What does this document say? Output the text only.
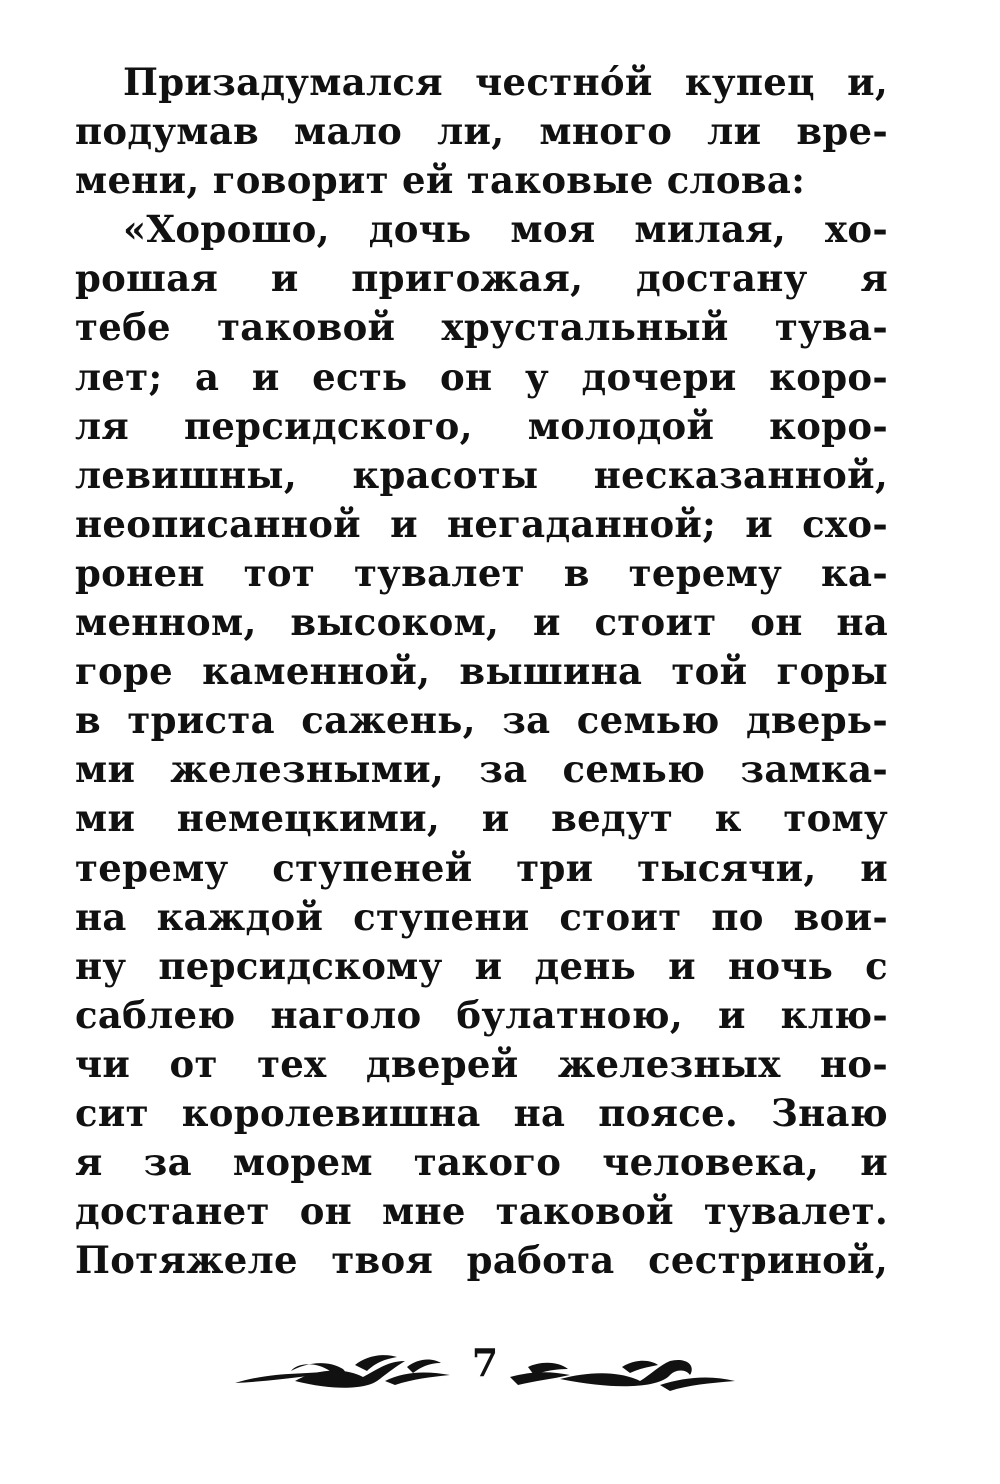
Призадумался честно́й купец и,
подумав мало ли, много ли вре-
мени, говорит ей таковые слова:
«Хорошо, дочь моя милая, хо-
рошая и пригожая, достану я
тебе таковой хрустальный тува-
лет; а и есть он у дочери коро-
ля персидского, молодой коро-
левишны, красоты несказанной,
неописанной и негаданной; и схо-
ронен тот тувалет в терему ка-
менном, высоком, и стоит он на
горе каменной, вышина той горы
в триста сажень, за семью дверь-
ми железными, за семью замка-
ми немецкими, и ведут к тому
терему ступеней три тысячи, и
на каждой ступени стоит по вои-
ну персидскому и день и ночь с
саблею наголо булатною, и клю-
чи от тех дверей железных но-
сит королевишна на поясе. Знаю
я за морем такого человека, и
достанет он мне таковой тувалет.
Потяжеле твоя работа сестриной,
7
